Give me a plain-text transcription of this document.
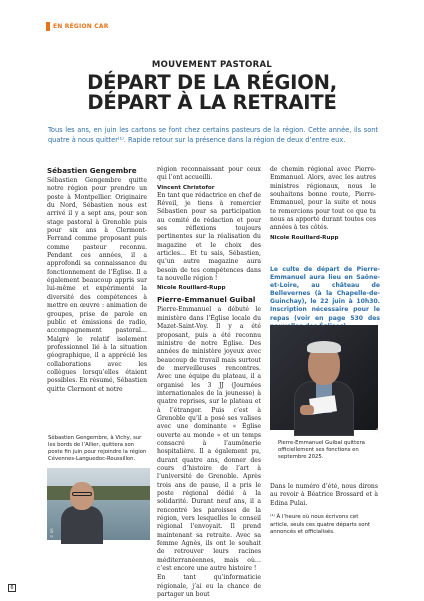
EN RÉGION CAR
MOUVEMENT PASTORAL
DÉPART DE LA RÉGION,
DÉPART À LA RETRAITE
Tous les ans, en juin les cartons se font chez certains pasteurs de la région. Cette année, ils sont quatre à nous quitter⁽¹⁾. Rapide retour sur la présence dans la région de deux d’entre eux.
Sébastien Gengembre
Sébastien Gengembre quitte notre région pour prendre un poste à Montpellier. Originaire du Nord, Sébastien nous est arrivé il y a sept ans, pour son stage pastoral à Grenoble puis pour six ans à Clermont-Ferrand comme proposant puis comme pasteur reconnu. Pendant ces années, il a approfondi sa connaissance du fonctionnement de l’Église. Il a également beaucoup appris sur lui-même et expérimenté la diversité des compétences à mettre en œuvre : animation de groupes, prise de parole en public et émissions de radio, accompagnement pastoral… Malgré le relatif isolement professionnel lié à la situation géographique, il a apprécié les collaborations avec les collègues lorsqu’elles étaient possibles. En résumé, Sébastien quitte Clermont et notre
Sébastien Gengembre, à Vichy, sur les bords de l’Allier, quittera son poste fin juin pour rejoindre la région Cévennes-Languedoc-Roussillon.
© DR
région reconnaissant pour ceux qui l’ont accueilli.
Vincent Christofor
En tant que rédactrice en chef de Réveil, je tiens à remercier Sébastien pour sa participation au comité de rédaction et pour ses réflexions toujours pertinentes sur la réalisation du magazine et le choix des articles… Et tu sais, Sébastien, qu’un autre magazine aura besoin de tes compétences dans ta nouvelle région !
Nicole Rouillard-Rupp
Pierre-Emmanuel Guibal
Pierre-Emmanuel a débuté le ministère dans l’Église locale du Mazet-Saint-Voy. Il y a été proposant, puis a été reconnu ministre de notre Église. Des années de ministère joyeux avec beaucoup de travail mais surtout de merveilleuses rencontres. Avec une équipe du plateau, il a organisé les 3 JJ (Journées internationales de la jeunesse) à quatre reprises, sur le plateau et à l’étranger. Puis c’est à Grenoble qu’il a posé ses valises avec une dominante « Église ouverte au monde » et un temps consacré à l’aumônerie hospitalière. Il a également pu, durant quatre ans, donner des cours d’histoire de l’art à l’université de Grenoble. Après trois ans de pause, il a pris le poste régional dédié à la solidarité. Durant neuf ans, il a rencontré les paroisses de la région, vers lesquelles le conseil régional l’envoyait. Il prend maintenant sa retraite. Avec sa femme Agnès, ils ont le souhait de retrouver leurs racines méditerranéennes, mais où… c’est encore une autre histoire !
En tant qu’informaticie régionale, j’ai eu la chance de partager un bout
de chemin régional avec Pierre-Emmanuel. Alors, avec les autres ministres régionaux, nous le souhaitons bonne route, Pierre-Emmanuel, pour la suite et nous te remercions pour tout ce que tu nous as apporté durant toutes ces années à tes côtés.
Nicole Rouillard-Rupp
Le culte de départ de Pierre-Emmanuel aura lieu en Saône-et-Loire, au château de Bellevernes (à la Chapelle-de-Guinchay), le 22 juin à 10h30. Inscription nécessaire pour le repas (voir en page 530 des
© DR
Pierre-Emmanuel Guibal quittera officiellement ses fonctions en septembre 2025.
Dans le numéro d’été, nous dirons au revoir à Béatrice Brossard et à Edina Pulai.
⁽¹⁾ À l’heure où nous écrivons cet article, seuls ces quatre départs sont annoncés et officialisés.
6
